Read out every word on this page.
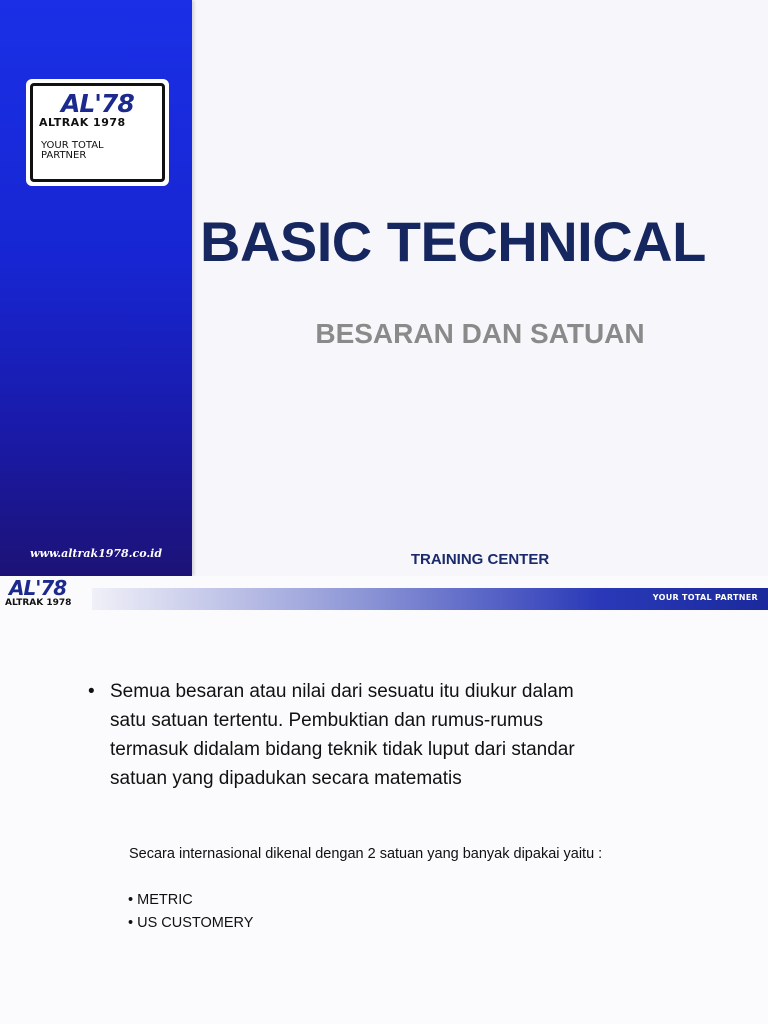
AL'78
ALTRAK 1978
YOUR TOTAL PARTNER
www.altrak1978.co.id
BASIC TECHNICAL
BESARAN DAN SATUAN
TRAINING CENTER
AL'78
ALTRAK 1978
YOUR TOTAL PARTNER
• Semua besaran atau nilai dari sesuatu itu diukur dalam satu satuan tertentu. Pembuktian dan rumus-rumus termasuk didalam bidang teknik tidak luput dari standar satuan yang dipadukan secara matematis
Secara internasional dikenal dengan 2 satuan yang banyak dipakai yaitu :
• METRIC
• US CUSTOMERY
